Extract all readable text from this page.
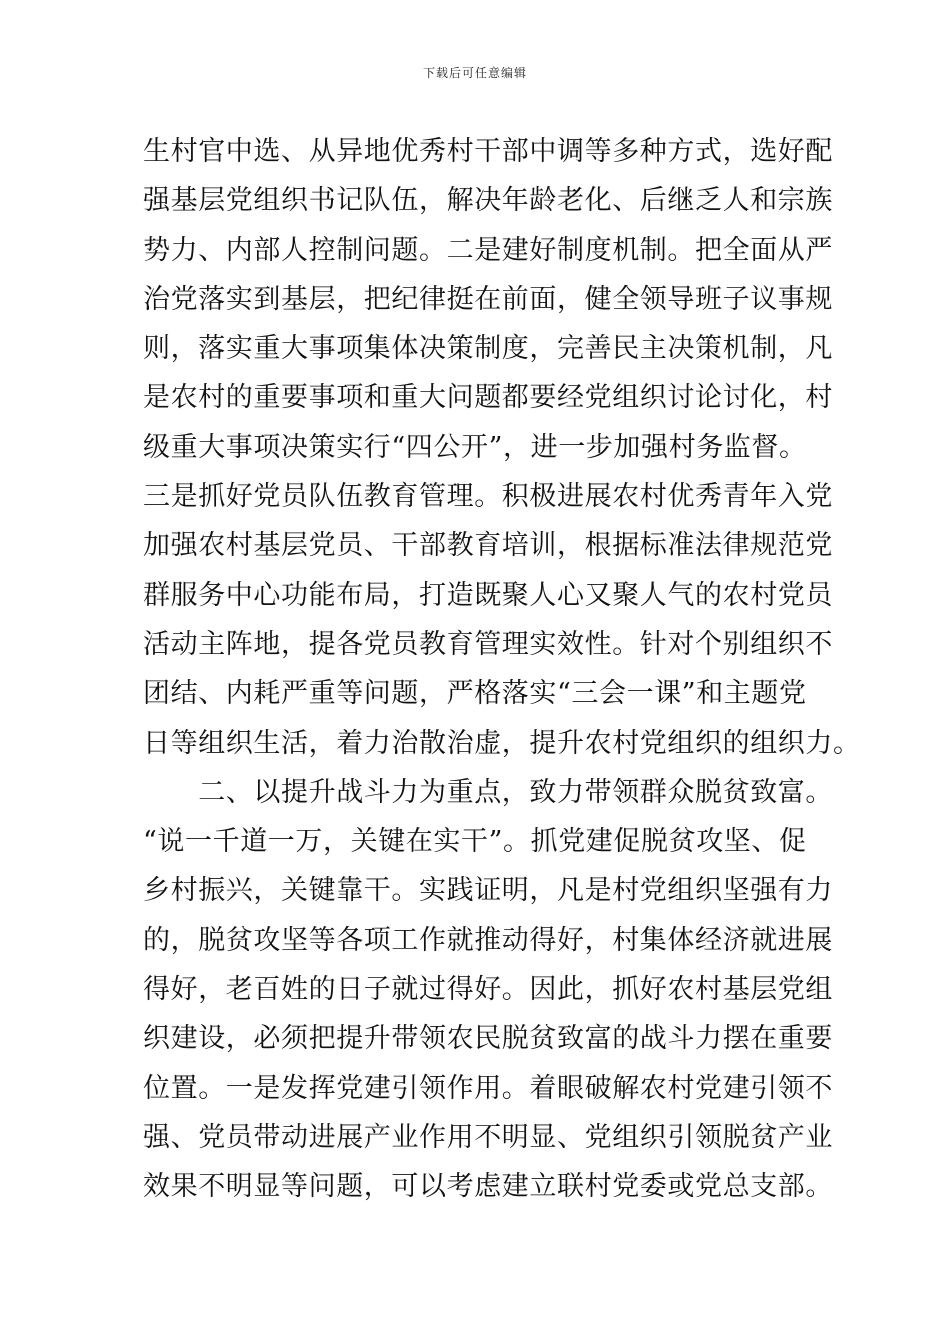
下载后可任意编辑
生村官中选、从异地优秀村干部中调等多种方式，选好配
强基层党组织书记队伍，解决年龄老化、后继乏人和宗族
势力、内部人控制问题。二是建好制度机制。把全面从严
治党落实到基层，把纪律挺在前面，健全领导班子议事规
则，落实重大事项集体决策制度，完善民主决策机制，凡
是农村的重要事项和重大问题都要经党组织讨论讨化，村
级重大事项决策实行“四公开”，进一步加强村务监督。
三是抓好党员队伍教育管理。积极进展农村优秀青年入党
加强农村基层党员、干部教育培训，根据标准法律规范党
群服务中心功能布局，打造既聚人心又聚人气的农村党员
活动主阵地，提各党员教育管理实效性。针对个别组织不
团结、内耗严重等问题，严格落实“三会一课”和主题党
日等组织生活，着力治散治虚，提升农村党组织的组织力。
　　二、以提升战斗力为重点，致力带领群众脱贫致富。
“说一千道一万，关键在实干”。抓党建促脱贫攻坚、促
乡村振兴，关键靠干。实践证明，凡是村党组织坚强有力
的，脱贫攻坚等各项工作就推动得好，村集体经济就进展
得好，老百姓的日子就过得好。因此，抓好农村基层党组
织建设，必须把提升带领农民脱贫致富的战斗力摆在重要
位置。一是发挥党建引领作用。着眼破解农村党建引领不
强、党员带动进展产业作用不明显、党组织引领脱贫产业
效果不明显等问题，可以考虑建立联村党委或党总支部。
